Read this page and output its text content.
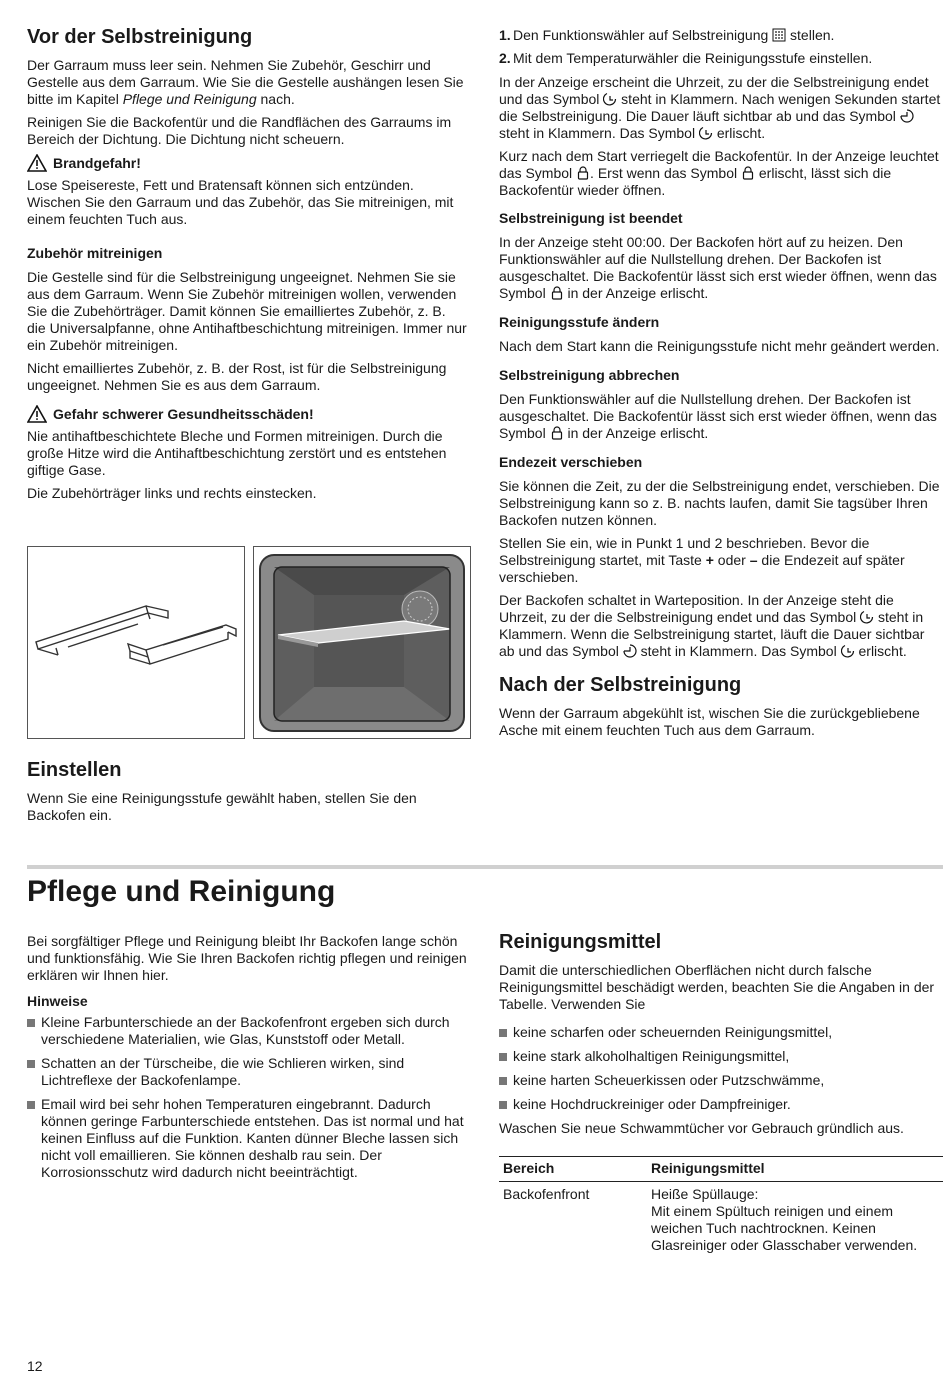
Vor der Selbstreinigung

Der Garraum muss leer sein. Nehmen Sie Zubehör, Geschirr und Gestelle aus dem Garraum. Wie Sie die Gestelle aushängen lesen Sie bitte im Kapitel Pflege und Reinigung nach.

Reinigen Sie die Backofentür und die Randflächen des Garraums im Bereich der Dichtung. Die Dichtung nicht scheuern.

Brandgefahr!

Lose Speisereste, Fett und Bratensaft können sich entzünden. Wischen Sie den Garraum und das Zubehör, das Sie mitreinigen, mit einem feuchten Tuch aus.

Zubehör mitreinigen

Die Gestelle sind für die Selbstreinigung ungeeignet. Nehmen Sie sie aus dem Garraum. Wenn Sie Zubehör mitreinigen wollen, verwenden Sie die Zubehörträger. Damit können Sie emailliertes Zubehör, z. B. die Universalpfanne, ohne Antihaftbeschichtung mitreinigen. Immer nur ein Zubehör mitreinigen.

Nicht emailliertes Zubehör, z. B. der Rost, ist für die Selbstreinigung ungeeignet. Nehmen Sie es aus dem Garraum.

Gefahr schwerer Gesundheitsschäden!

Nie antihaftbeschichtete Bleche und Formen mitreinigen. Durch die große Hitze wird die Antihaftbeschichtung zerstört und es entstehen giftige Gase.

Die Zubehörträger links und rechts einstecken.

Einstellen

Wenn Sie eine Reinigungsstufe gewählt haben, stellen Sie den Backofen ein.

1. Den Funktionswähler auf Selbstreinigung  stellen.
2. Mit dem Temperaturwähler die Reinigungsstufe einstellen.

In der Anzeige erscheint die Uhrzeit, zu der die Selbstreinigung endet und das Symbol  steht in Klammern. Nach wenigen Sekunden startet die Selbstreinigung. Die Dauer läuft sichtbar ab und das Symbol  steht in Klammern. Das Symbol  erlischt.

Kurz nach dem Start verriegelt die Backofentür. In der Anzeige leuchtet das Symbol . Erst wenn das Symbol  erlischt, lässt sich die Backofentür wieder öffnen.

Selbstreinigung ist beendet

In der Anzeige steht 00:00. Der Backofen hört auf zu heizen. Den Funktionswähler auf die Nullstellung drehen. Der Backofen ist ausgeschaltet. Die Backofentür lässt sich erst wieder öffnen, wenn das Symbol  in der Anzeige erlischt.

Reinigungsstufe ändern

Nach dem Start kann die Reinigungsstufe nicht mehr geändert werden.

Selbstreinigung abbrechen

Den Funktionswähler auf die Nullstellung drehen. Der Backofen ist ausgeschaltet. Die Backofentür lässt sich erst wieder öffnen, wenn das Symbol  in der Anzeige erlischt.

Endezeit verschieben

Sie können die Zeit, zu der die Selbstreinigung endet, verschieben. Die Selbstreinigung kann so z. B. nachts laufen, damit Sie tagsüber Ihren Backofen nutzen können.

Stellen Sie ein, wie in Punkt 1 und 2 beschrieben. Bevor die Selbstreinigung startet, mit Taste + oder – die Endezeit auf später verschieben.

Der Backofen schaltet in Warteposition. In der Anzeige steht die Uhrzeit, zu der die Selbstreinigung endet und das Symbol  steht in Klammern. Wenn die Selbstreinigung startet, läuft die Dauer sichtbar ab und das Symbol  steht in Klammern. Das Symbol  erlischt.

Nach der Selbstreinigung

Wenn der Garraum abgekühlt ist, wischen Sie die zurückgebliebene Asche mit einem feuchten Tuch aus dem Garraum.

Pflege und Reinigung

Bei sorgfältiger Pflege und Reinigung bleibt Ihr Backofen lange schön und funktionsfähig. Wie Sie Ihren Backofen richtig pflegen und reinigen erklären wir Ihnen hier.

Hinweise
Kleine Farbunterschiede an der Backofenfront ergeben sich durch verschiedene Materialien, wie Glas, Kunststoff oder Metall.
Schatten an der Türscheibe, die wie Schlieren wirken, sind Lichtreflexe der Backofenlampe.
Email wird bei sehr hohen Temperaturen eingebrannt. Dadurch können geringe Farbunterschiede entstehen. Das ist normal und hat keinen Einfluss auf die Funktion. Kanten dünner Bleche lassen sich nicht voll emaillieren. Sie können deshalb rau sein. Der Korrosionsschutz wird dadurch nicht beeinträchtigt.
Reinigungsmittel

Damit die unterschiedlichen Oberflächen nicht durch falsche Reinigungsmittel beschädigt werden, beachten Sie die Angaben in der Tabelle. Verwenden Sie

keine scharfen oder scheuernden Reinigungsmittel,
keine stark alkoholhaltigen Reinigungsmittel,
keine harten Scheuerkissen oder Putzschwämme,
keine Hochdruckreiniger oder Dampfreiniger.

Waschen Sie neue Schwammtücher vor Gebrauch gründlich aus.

Bereich	Reinigungsmittel
Backofenfront	Heiße Spüllauge:
Mit einem Spültuch reinigen und einem weichen Tuch nachtrocknen. Keinen Glasreiniger oder Glasschaber verwenden.
12
